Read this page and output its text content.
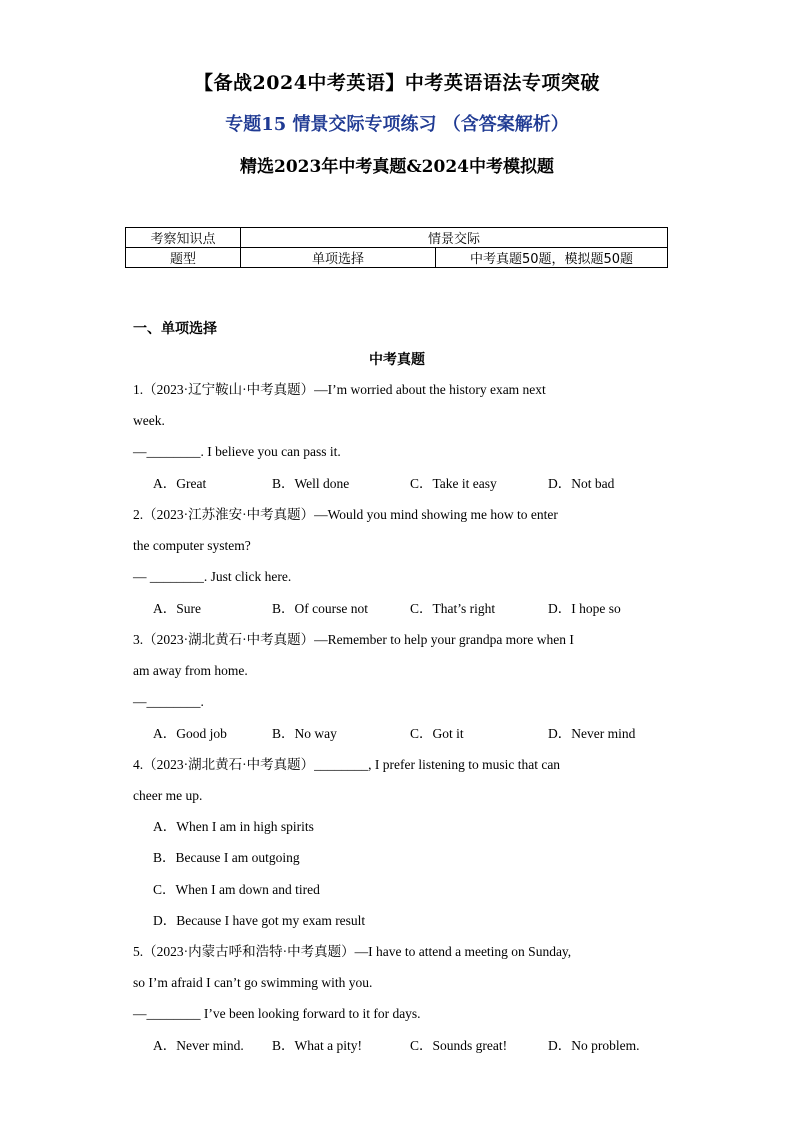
【备战2024中考英语】中考英语语法专项突破
专题15 情景交际专项练习 （含答案解析）
精选2023年中考真题&2024中考模拟题
考察知识点	情景交际	
题型	单项选择	中考真题50题，模拟题50题
一、单项选择
中考真题
1.（2023·辽宁鞍山·中考真题）—I’m worried about the history exam next
week.
—________. I believe you can pass it.
A．Great	B．Well done	C．Take it easy	D．Not bad
2.（2023·江苏淮安·中考真题）—Would you mind showing me how to enter
the computer system?
— ________. Just click here.
A．Sure	B．Of course not	C．That’s right	D．I hope so
3.（2023·湖北黄石·中考真题）—Remember to help your grandpa more when I
am away from home.
—________.
A．Good job	B．No way	C．Got it	D．Never mind
4.（2023·湖北黄石·中考真题）________, I prefer listening to music that can
cheer me up.
A．When I am in high spirits
B．Because I am outgoing
C．When I am down and tired
D．Because I have got my exam result
5.（2023·内蒙古呼和浩特·中考真题）—I have to attend a meeting on Sunday,
so I’m afraid I can’t go swimming with you.
—________ I’ve been looking forward to it for days.
A．Never mind. B．What a pity!	C．Sounds great!	D．No problem.
